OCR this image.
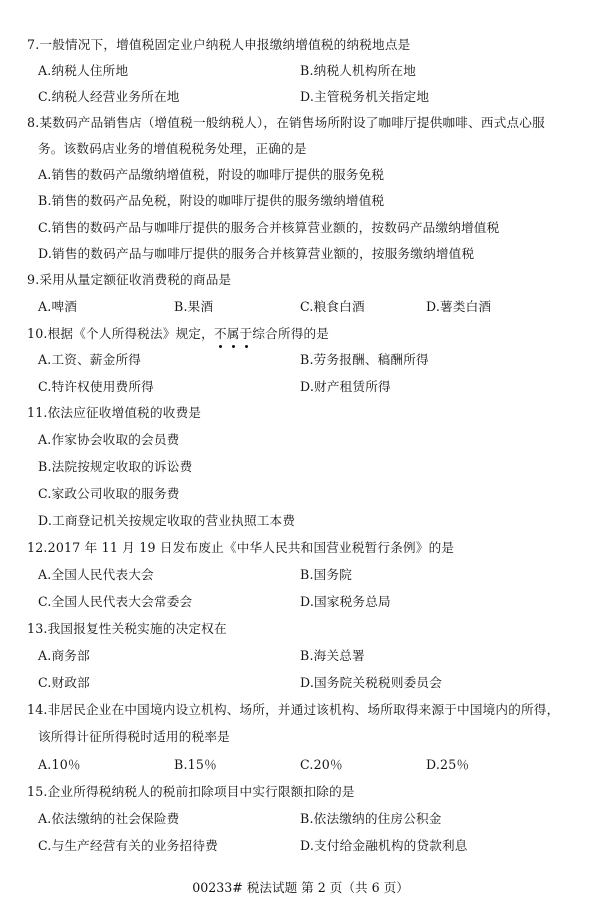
7.一般情况下，增值税固定业户纳税人申报缴纳增值税的纳税地点是
A.纳税人住所地	B.纳税人机构所在地
C.纳税人经营业务所在地	D.主管税务机关指定地
8.某数码产品销售店（增值税一般纳税人），在销售场所附设了咖啡厅提供咖啡、西式点心服
务。该数码店业务的增值税税务处理，正确的是
A.销售的数码产品缴纳增值税，附设的咖啡厅提供的服务免税
B.销售的数码产品免税，附设的咖啡厅提供的服务缴纳增值税
C.销售的数码产品与咖啡厅提供的服务合并核算营业额的，按数码产品缴纳增值税
D.销售的数码产品与咖啡厅提供的服务合并核算营业额的，按服务缴纳增值税
9.采用从量定额征收消费税的商品是
A.啤酒	B.果酒	C.粮食白酒	D.薯类白酒
10.根据《个人所得税法》规定，不属于
综合所得的是
A.工资、薪金所得	B.劳务报酬、稿酬所得
C.特许权使用费所得	D.财产租赁所得
11.依法应征收增值税的收费是
A.作家协会收取的会员费
B.法院按规定收取的诉讼费
C.家政公司收取的服务费
D.工商登记机关按规定收取的营业执照工本费
12.2017 年 11 月 19 日发布废止《中华人民共和国营业税暂行条例》的是
A.全国人民代表大会	B.国务院
C.全国人民代表大会常委会	D.国家税务总局
13.我国报复性关税实施的决定权在
A.商务部	B.海关总署
C.财政部	D.国务院关税税则委员会
14.非居民企业在中国境内设立机构、场所，并通过该机构、场所取得来源于中国境内的所得，
该所得计征所得税时适用的税率是
A.10％	B.15％	C.20％	D.25％
15.企业所得税纳税人的税前扣除项目中实行限额扣除的是
A.依法缴纳的社会保险费	B.依法缴纳的住房公积金
C.与生产经营有关的业务招待费	D.支付给金融机构的贷款利息
00233# 税法试题 第 2 页（共 6 页）
